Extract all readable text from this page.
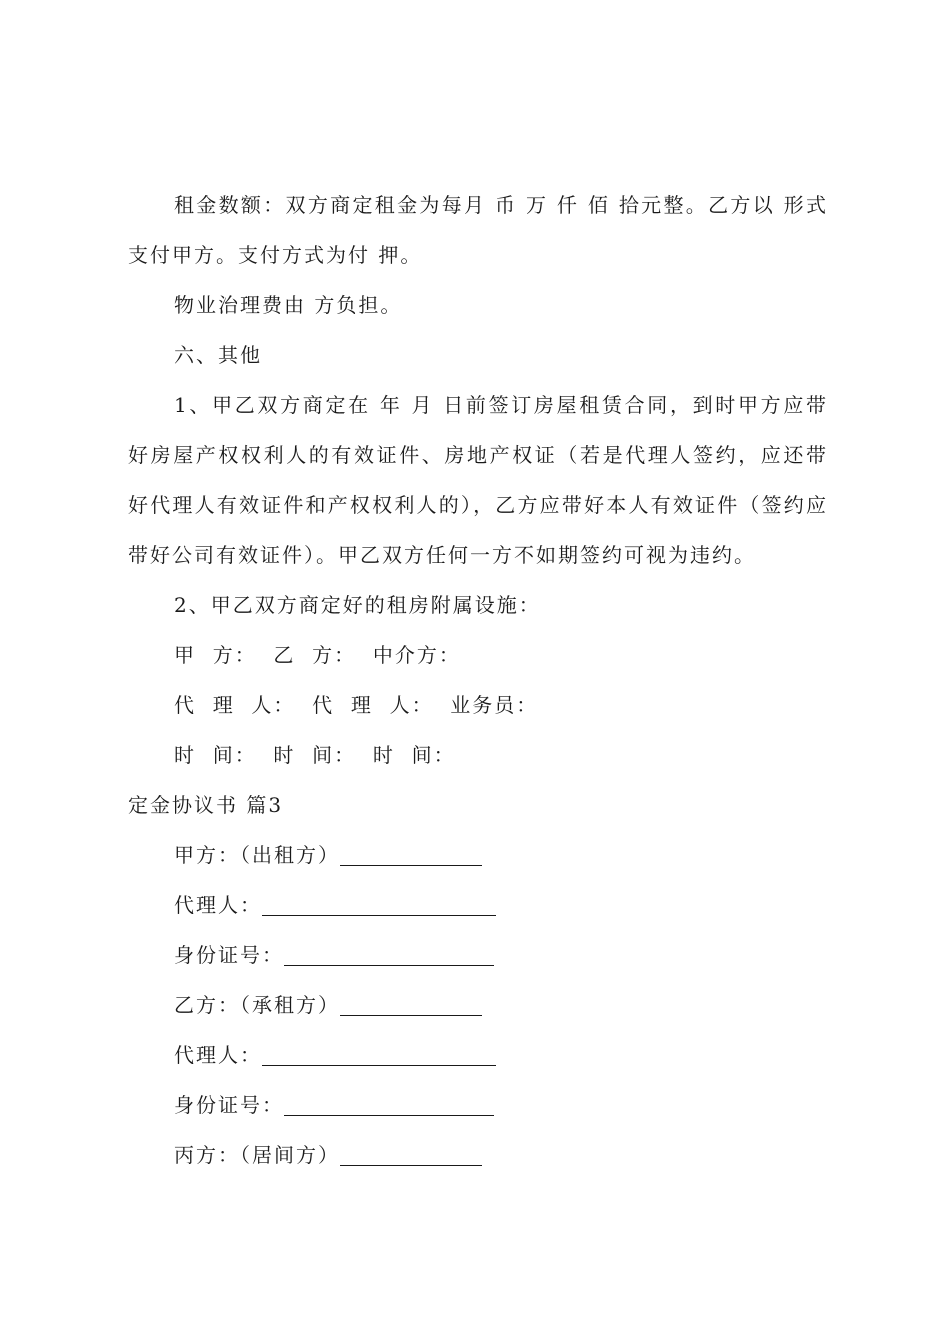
租金数额：双方商定租金为每月 币 万 仟 佰 拾元整。乙方以 形式支付甲方。支付方式为付 押。

物业治理费由 方负担。

六、其他

1、甲乙双方商定在 年 月 日前签订房屋租赁合同，到时甲方应带好房屋产权权利人的有效证件、房地产权证（若是代理人签约，应还带好代理人有效证件和产权权利人的），乙方应带好本人有效证件（签约应带好公司有效证件）。甲乙双方任何一方不如期签约可视为违约。

2、甲乙双方商定好的租房附属设施：

甲  方：  乙  方：  中介方：

代  理  人：  代  理  人：  业务员：

时  间：  时  间：  时  间：

定金协议书 篇3

甲方：（出租方）
代理人：
身份证号：
乙方：（承租方）
代理人：
身份证号：
丙方：（居间方）
